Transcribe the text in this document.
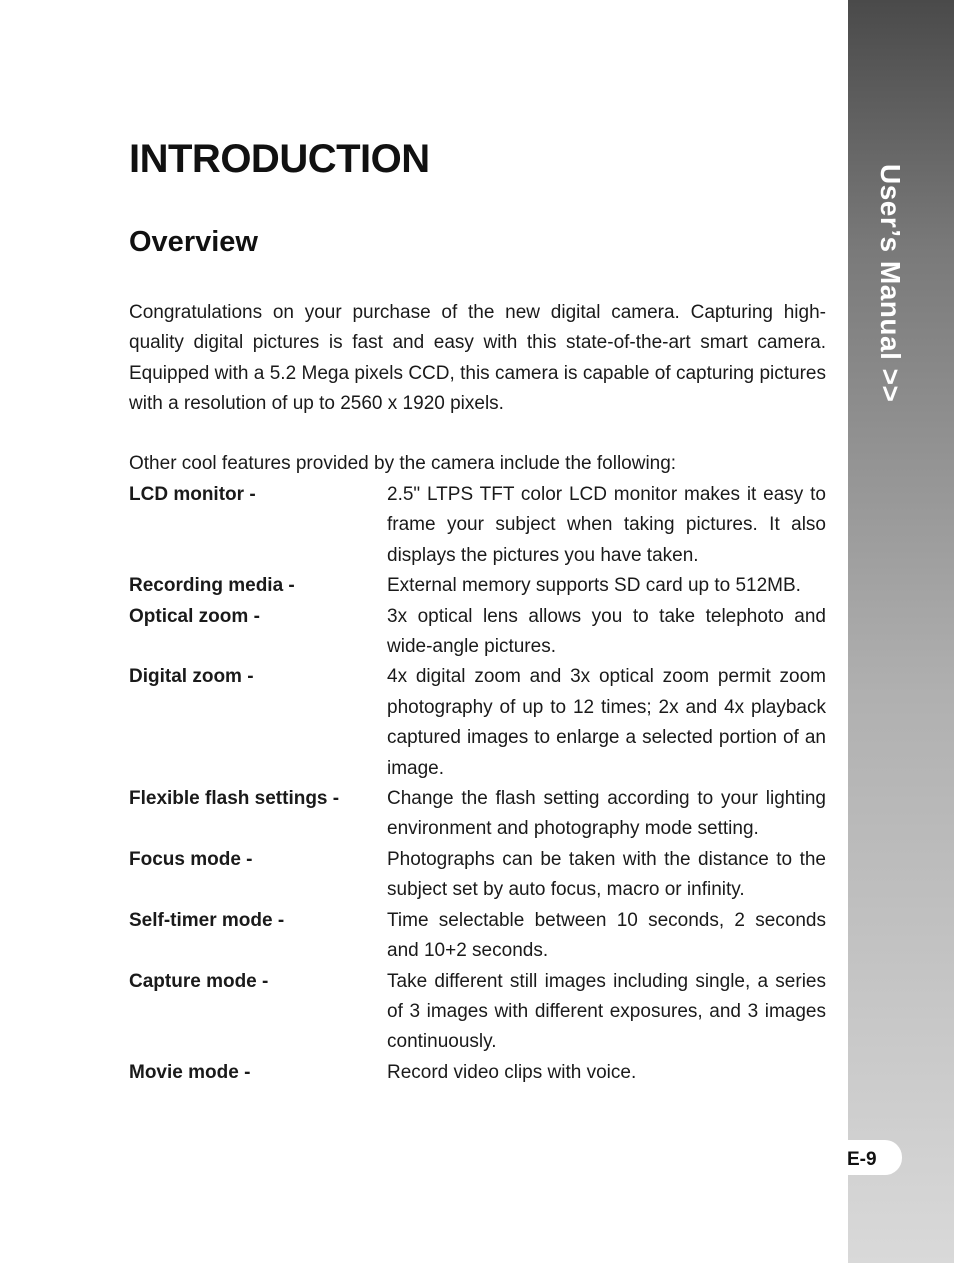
User’s Manual >>
E-9
INTRODUCTION
Overview

Congratulations on your purchase of the new digital camera. Capturing high-quality digital pictures is fast and easy with this state-of-the-art smart camera. Equipped with a 5.2 Mega pixels CCD, this camera is capable of capturing pictures with a resolution of up to 2560 x 1920 pixels.

Other cool features provided by the camera include the following:

LCD monitor -	2.5" LTPS TFT color LCD monitor makes it easy to frame your subject when taking pictures. It also displays the pictures you have taken.
Recording media -	External memory supports SD card up to 512MB.
Optical zoom -	3x optical lens allows you to take telephoto and wide-angle pictures.
Digital zoom -	4x digital zoom and 3x optical zoom permit zoom photography of up to 12 times; 2x and 4x playback captured images to enlarge a selected portion of an image.
Flexible flash settings -	Change the flash setting according to your lighting environment and photography mode setting.
Focus mode -	Photographs can be taken with the distance to the subject set by auto focus, macro or infinity.
Self-timer mode -	Time selectable between 10 seconds, 2 seconds and 10+2 seconds.
Capture mode -	Take different still images including single, a series of 3 images with different exposures, and 3 images continuously.
Movie mode -	Record video clips with voice.
